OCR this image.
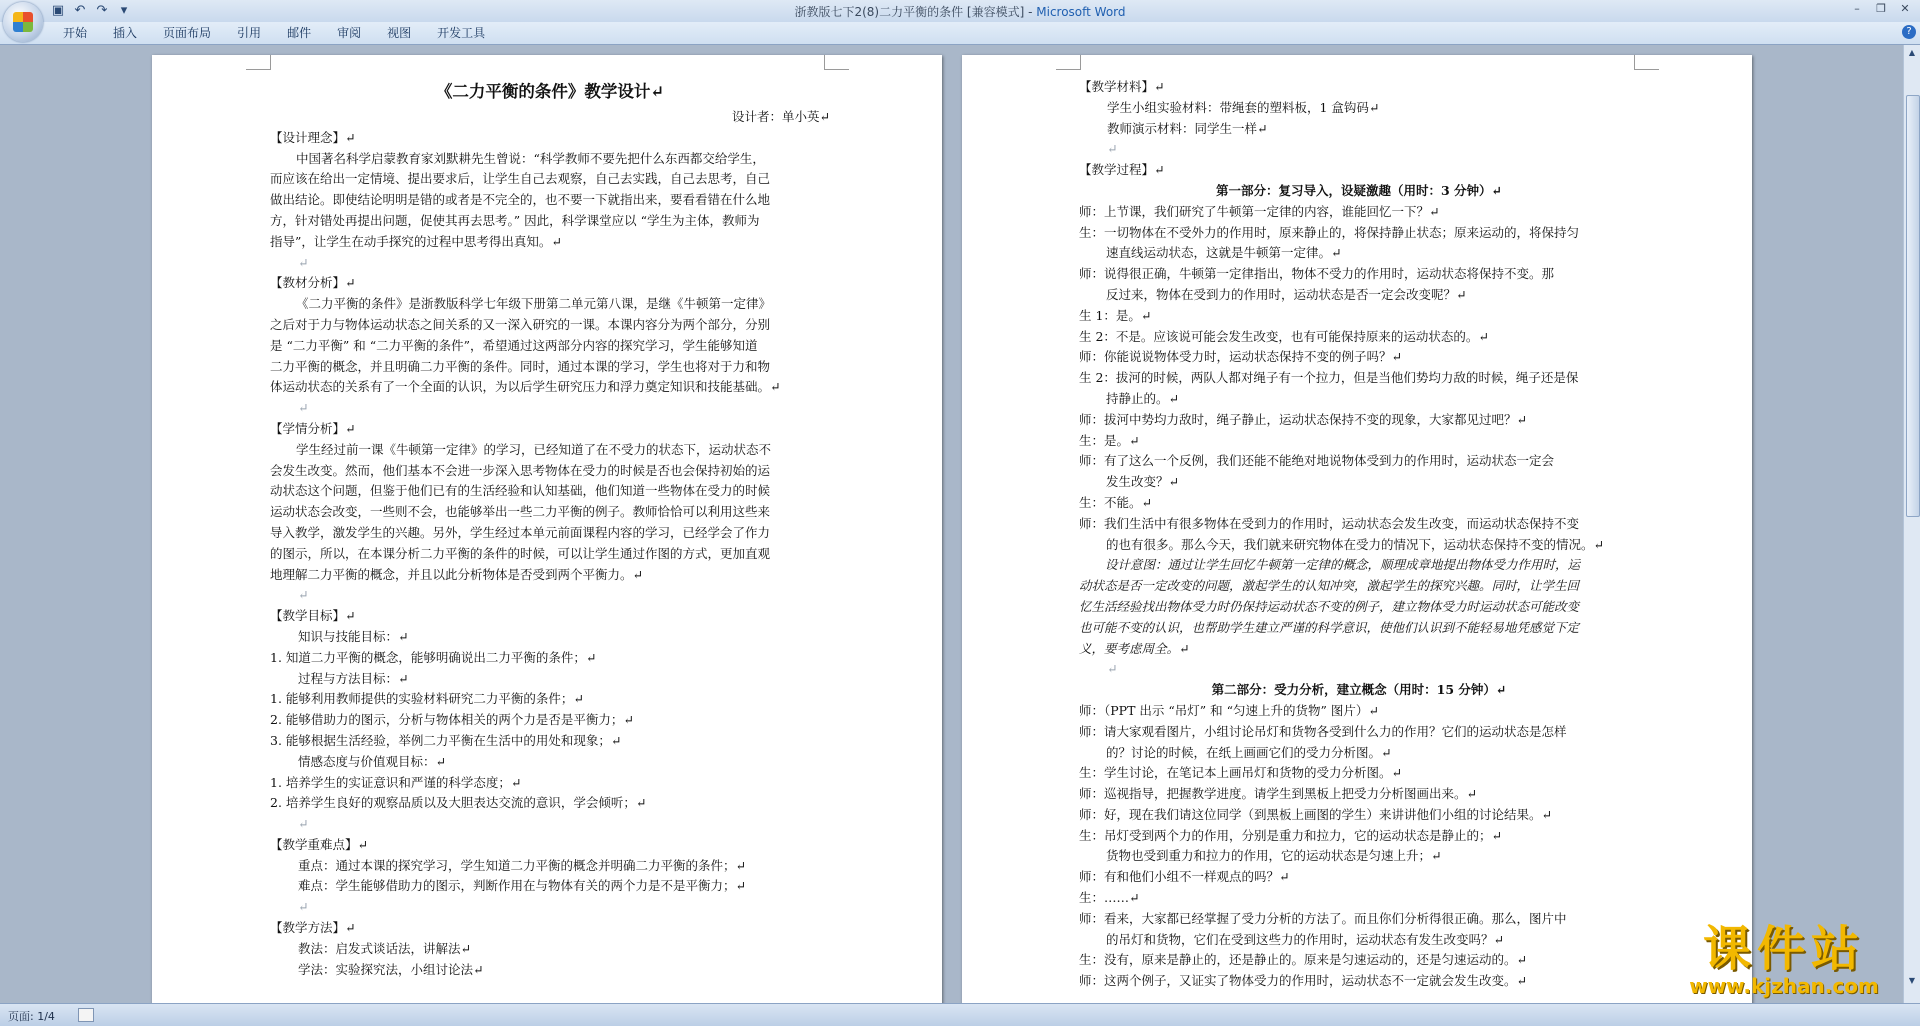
▣ ↶ ↷	▾	浙教版七下2(8)二力平衡的条件 [兼容模式] - Microsoft Word	–	❐	✕
开始	插入	页面布局	引用	邮件	审阅	视图	开发工具	?
《二力平衡的条件》教学设计↵
设计者：单小英↵
【设计理念】↵
中国著名科学启蒙教育家刘默耕先生曾说：“科学教师不要先把什么东西都交给学生，
而应该在给出一定情境、提出要求后，让学生自己去观察，自己去实践，自己去思考，自己
做出结论。即使结论明明是错的或者是不完全的，也不要一下就指出来，要看看错在什么地
方，针对错处再提出问题，促使其再去思考。” 因此，科学课堂应以 “学生为主体，教师为
指导”，让学生在动手探究的过程中思考得出真知。↵
↵
【教材分析】↵
《二力平衡的条件》是浙教版科学七年级下册第二单元第八课，是继《牛顿第一定律》
之后对于力与物体运动状态之间关系的又一深入研究的一课。本课内容分为两个部分，分别
是 “二力平衡” 和 “二力平衡的条件”，希望通过这两部分内容的探究学习，学生能够知道
二力平衡的概念，并且明确二力平衡的条件。同时，通过本课的学习，学生也将对于力和物
体运动状态的关系有了一个全面的认识，为以后学生研究压力和浮力奠定知识和技能基础。↵
↵
【学情分析】↵
学生经过前一课《牛顿第一定律》的学习，已经知道了在不受力的状态下，运动状态不
会发生改变。然而，他们基本不会进一步深入思考物体在受力的时候是否也会保持初始的运
动状态这个问题，但鉴于他们已有的生活经验和认知基础，他们知道一些物体在受力的时候
运动状态会改变，一些则不会，也能够举出一些二力平衡的例子。教师恰恰可以利用这些来
导入教学，激发学生的兴趣。另外，学生经过本单元前面课程内容的学习，已经学会了作力
的图示，所以，在本课分析二力平衡的条件的时候，可以让学生通过作图的方式，更加直观
地理解二力平衡的概念，并且以此分析物体是否受到两个平衡力。↵
↵
【教学目标】↵
知识与技能目标：↵
1. 知道二力平衡的概念，能够明确说出二力平衡的条件；↵
过程与方法目标：↵
1. 能够利用教师提供的实验材料研究二力平衡的条件；↵
2. 能够借助力的图示，分析与物体相关的两个力是否是平衡力；↵
3. 能够根据生活经验，举例二力平衡在生活中的用处和现象；↵
情感态度与价值观目标：↵
1. 培养学生的实证意识和严谨的科学态度；↵
2. 培养学生良好的观察品质以及大胆表达交流的意识，学会倾听；↵
↵
【教学重难点】↵
重点：通过本课的探究学习，学生知道二力平衡的概念并明确二力平衡的条件；↵
难点：学生能够借助力的图示，判断作用在与物体有关的两个力是不是平衡力；↵
↵
【教学方法】↵
教法：启发式谈话法，讲解法↵
学法：实验探究法，小组讨论法↵
【教学材料】↵
学生小组实验材料：带绳套的塑料板，1 盒钩码↵
教师演示材料：同学生一样↵
↵
【教学过程】↵
第一部分：复习导入，设疑激趣（用时：3 分钟）↵
师：上节课，我们研究了牛顿第一定律的内容，谁能回忆一下？↵
生：一切物体在不受外力的作用时，原来静止的，将保持静止状态；原来运动的，将保持匀
速直线运动状态，这就是牛顿第一定律。↵
师：说得很正确，牛顿第一定律指出，物体不受力的作用时，运动状态将保持不变。那
反过来，物体在受到力的作用时，运动状态是否一定会改变呢？↵
生 1：是。↵
生 2：不是。应该说可能会发生改变，也有可能保持原来的运动状态的。↵
师：你能说说物体受力时，运动状态保持不变的例子吗？↵
生 2：拔河的时候，两队人都对绳子有一个拉力，但是当他们势均力敌的时候，绳子还是保
持静止的。↵
师：拔河中势均力敌时，绳子静止，运动状态保持不变的现象，大家都见过吧？↵
生：是。↵
师：有了这么一个反例，我们还能不能绝对地说物体受到力的作用时，运动状态一定会
发生改变？↵
生：不能。↵
师：我们生活中有很多物体在受到力的作用时，运动状态会发生改变，而运动状态保持不变
的也有很多。那么今天，我们就来研究物体在受力的情况下，运动状态保持不变的情况。↵
设计意图：通过让学生回忆牛顿第一定律的概念，顺理成章地提出物体受力作用时，运
动状态是否一定改变的问题，激起学生的认知冲突，激起学生的探究兴趣。同时，让学生回
忆生活经验找出物体受力时仍保持运动状态不变的例子，建立物体受力时运动状态可能改变
也可能不变的认识，也帮助学生建立严谨的科学意识，使他们认识到不能轻易地凭感觉下定
义，要考虑周全。↵
↵
第二部分：受力分析，建立概念（用时：15 分钟）↵
师：（PPT 出示 “吊灯” 和 “匀速上升的货物” 图片）↵
师：请大家观看图片，小组讨论吊灯和货物各受到什么力的作用？它们的运动状态是怎样
的？讨论的时候，在纸上画画它们的受力分析图。↵
生：学生讨论，在笔记本上画吊灯和货物的受力分析图。↵
师：巡视指导，把握教学进度。请学生到黑板上把受力分析图画出来。↵
师：好，现在我们请这位同学（到黑板上画图的学生）来讲讲他们小组的讨论结果。↵
生：吊灯受到两个力的作用，分别是重力和拉力，它的运动状态是静止的；↵
货物也受到重力和拉力的作用，它的运动状态是匀速上升；↵
师：有和他们小组不一样观点的吗？↵
生：……↵
师：看来，大家都已经掌握了受力分析的方法了。而且你们分析得很正确。那么，图片中
的吊灯和货物，它们在受到这些力的作用时，运动状态有发生改变吗？↵
生：没有，原来是静止的，还是静止的。原来是匀速运动的，还是匀速运动的。↵
师：这两个例子，又证实了物体受力的作用时，运动状态不一定就会发生改变。↵
▲
▼
页面: 1/4
课件站
www.kjzhan.com
